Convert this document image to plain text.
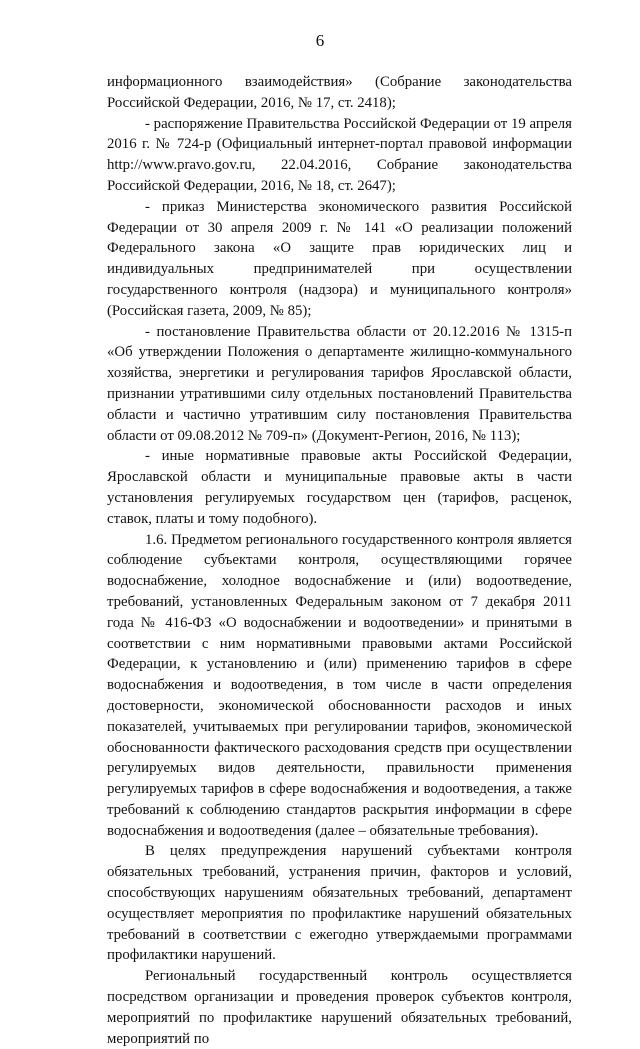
6

информационного взаимодействия» (Собрание законодательства Российской Федерации, 2016, № 17, ст. 2418);

- распоряжение Правительства Российской Федерации от 19 апреля 2016 г. № 724-р (Официальный интернет-портал правовой информации http://www.pravo.gov.ru, 22.04.2016, Собрание законодательства Российской Федерации, 2016, № 18, ст. 2647);

- приказ Министерства экономического развития Российской Федерации от 30 апреля 2009 г. № 141 «О реализации положений Федерального закона «О защите прав юридических лиц и индивидуальных предпринимателей при осуществлении государственного контроля (надзора) и муниципального контроля» (Российская газета, 2009, № 85);

- постановление Правительства области от 20.12.2016 № 1315-п «Об утверждении Положения о департаменте жилищно-коммунального хозяйства, энергетики и регулирования тарифов Ярославской области, признании утратившими силу отдельных постановлений Правительства области и частично утратившим силу постановления Правительства области от 09.08.2012 № 709-п» (Документ-Регион, 2016, № 113);

- иные нормативные правовые акты Российской Федерации, Ярославской области и муниципальные правовые акты в части установления регулируемых государством цен (тарифов, расценок, ставок, платы и тому подобного).

1.6. Предметом регионального государственного контроля является соблюдение субъектами контроля, осуществляющими горячее водоснабжение, холодное водоснабжение и (или) водоотведение, требований, установленных Федеральным законом от 7 декабря 2011 года № 416-ФЗ «О водоснабжении и водоотведении» и принятыми в соответствии с ним нормативными правовыми актами Российской Федерации, к установлению и (или) применению тарифов в сфере водоснабжения и водоотведения, в том числе в части определения достоверности, экономической обоснованности расходов и иных показателей, учитываемых при регулировании тарифов, экономической обоснованности фактического расходования средств при осуществлении регулируемых видов деятельности, правильности применения регулируемых тарифов в сфере водоснабжения и водоотведения, а также требований к соблюдению стандартов раскрытия информации в сфере водоснабжения и водоотведения (далее – обязательные требования).

В целях предупреждения нарушений субъектами контроля обязательных требований, устранения причин, факторов и условий, способствующих нарушениям обязательных требований, департамент осуществляет мероприятия по профилактике нарушений обязательных требований в соответствии с ежегодно утверждаемыми программами профилактики нарушений.

Региональный государственный контроль осуществляется посредством организации и проведения проверок субъектов контроля, мероприятий по профилактике нарушений обязательных требований, мероприятий по
